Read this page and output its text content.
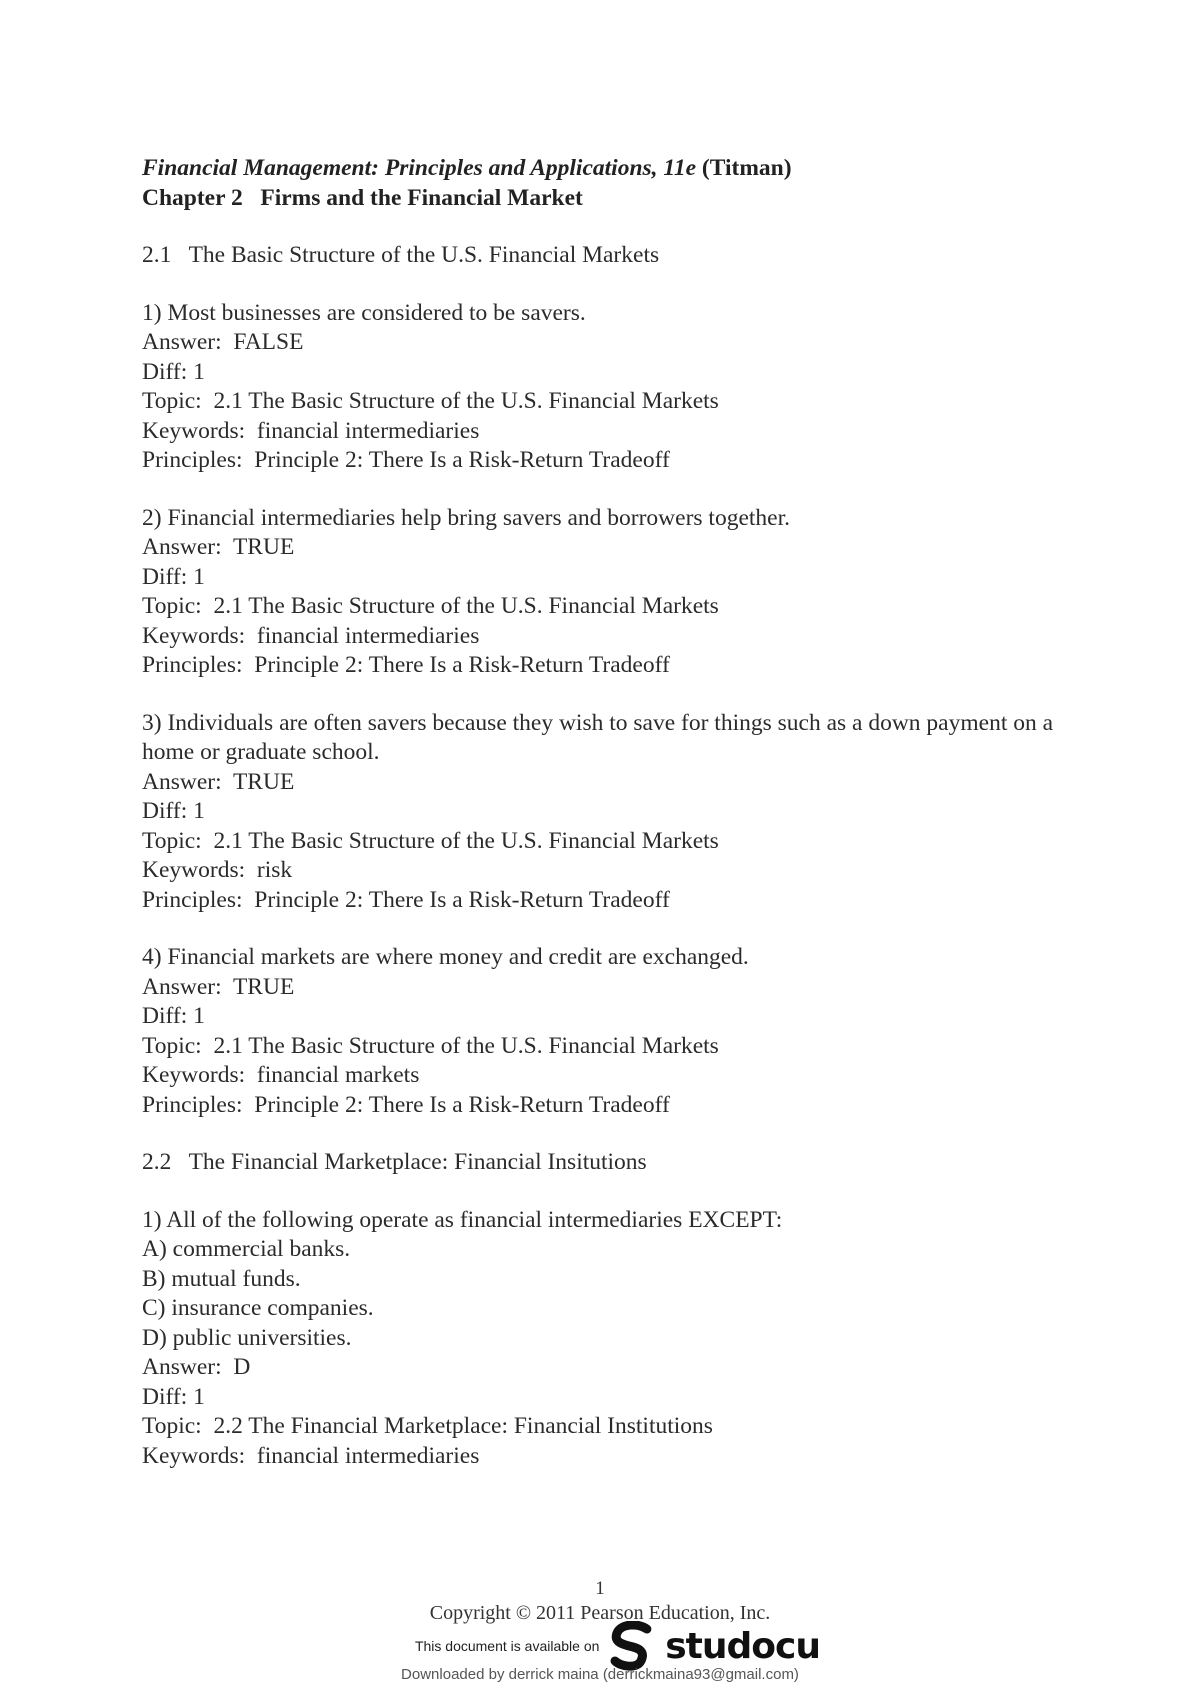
Financial Management: Principles and Applications, 11e (Titman)
Chapter 2   Firms and the Financial Market
2.1   The Basic Structure of the U.S. Financial Markets
1) Most businesses are considered to be savers.
Answer:  FALSE
Diff: 1
Topic:  2.1 The Basic Structure of the U.S. Financial Markets
Keywords:  financial intermediaries
Principles:  Principle 2: There Is a Risk-Return Tradeoff
2) Financial intermediaries help bring savers and borrowers together.
Answer:  TRUE
Diff: 1
Topic:  2.1 The Basic Structure of the U.S. Financial Markets
Keywords:  financial intermediaries
Principles:  Principle 2: There Is a Risk-Return Tradeoff
3) Individuals are often savers because they wish to save for things such as a down payment on a home or graduate school.
Answer:  TRUE
Diff: 1
Topic:  2.1 The Basic Structure of the U.S. Financial Markets
Keywords:  risk
Principles:  Principle 2: There Is a Risk-Return Tradeoff
4) Financial markets are where money and credit are exchanged.
Answer:  TRUE
Diff: 1
Topic:  2.1 The Basic Structure of the U.S. Financial Markets
Keywords:  financial markets
Principles:  Principle 2: There Is a Risk-Return Tradeoff
2.2   The Financial Marketplace: Financial Insitutions
1) All of the following operate as financial intermediaries EXCEPT:
A) commercial banks.
B) mutual funds.
C) insurance companies.
D) public universities.
Answer:  D
Diff: 1
Topic:  2.2 The Financial Marketplace: Financial Institutions
Keywords:  financial intermediaries
1
Copyright © 2011 Pearson Education, Inc.
This document is available on studocu
Downloaded by derrick maina (derrickmaina93@gmail.com)
